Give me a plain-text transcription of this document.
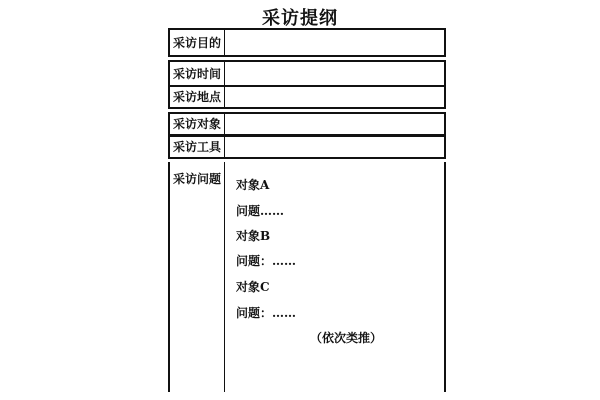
采访提纲
采访目的
采访时间
采访地点
采访对象
采访工具
采访问题	对象A
问题……
对象B
问题：……
对象C
问题：……
（依次类推）
